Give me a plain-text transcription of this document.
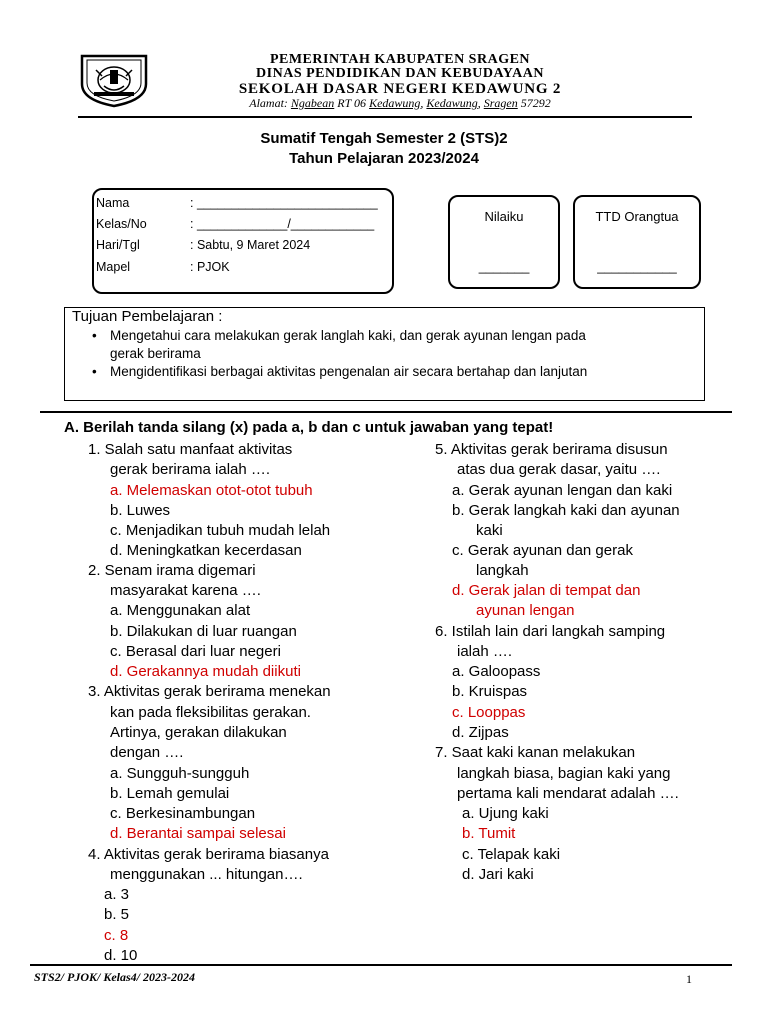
PEMERINTAH KABUPATEN SRAGEN
DINAS PENDIDIKAN DAN KEBUDAYAAN
SEKOLAH DASAR NEGERI KEDAWUNG 2
Alamat: Ngabean RT 06 Kedawung, Kedawung, Sragen 57292
Sumatif Tengah Semester 2 (STS)2
Tahun Pelajaran 2023/2024
Nama	: __________________________
Kelas/No	: _____________/____________
Hari/Tgl	: Sabtu, 9 Maret 2024
Mapel	: PJOK
Nilaiku
_______
TTD Orangtua
___________
Tujuan Pembelajaran :
• Mengetahui cara melakukan gerak langlah kaki, dan gerak ayunan lengan pada
gerak berirama
• Mengidentifikasi berbagai aktivitas pengenalan air secara bertahap dan lanjutan
A. Berilah tanda silang (x) pada a, b dan c untuk jawaban yang tepat!
1. Salah satu manfaat aktivitas
gerak berirama ialah ….
a. Melemaskan otot-otot tubuh
b. Luwes
c. Menjadikan tubuh mudah lelah
d. Meningkatkan kecerdasan
2. Senam irama digemari
masyarakat karena ….
a. Menggunakan alat
b. Dilakukan di luar ruangan
c. Berasal dari luar negeri
d. Gerakannya mudah diikuti
3. Aktivitas gerak berirama menekan
kan pada fleksibilitas gerakan.
Artinya, gerakan dilakukan
dengan ….
a. Sungguh-sungguh
b. Lemah gemulai
c. Berkesinambungan
d. Berantai sampai selesai
4. Aktivitas gerak berirama biasanya
menggunakan ... hitungan….
a. 3
b. 5
c. 8
d. 10
5. Aktivitas gerak berirama disusun
atas dua gerak dasar, yaitu ….
a. Gerak ayunan lengan dan kaki
b. Gerak langkah kaki dan ayunan
kaki
c. Gerak ayunan dan gerak
langkah
d. Gerak jalan di tempat dan
ayunan lengan
6. Istilah lain dari langkah samping
ialah ….
a. Galoopass
b. Kruispas
c. Looppas
d. Zijpas
7. Saat kaki kanan melakukan
langkah biasa, bagian kaki yang
pertama kali mendarat adalah ….
a. Ujung kaki
b. Tumit
c. Telapak kaki
d. Jari kaki
STS2/ PJOK/ Kelas4/ 2023-2024	1
